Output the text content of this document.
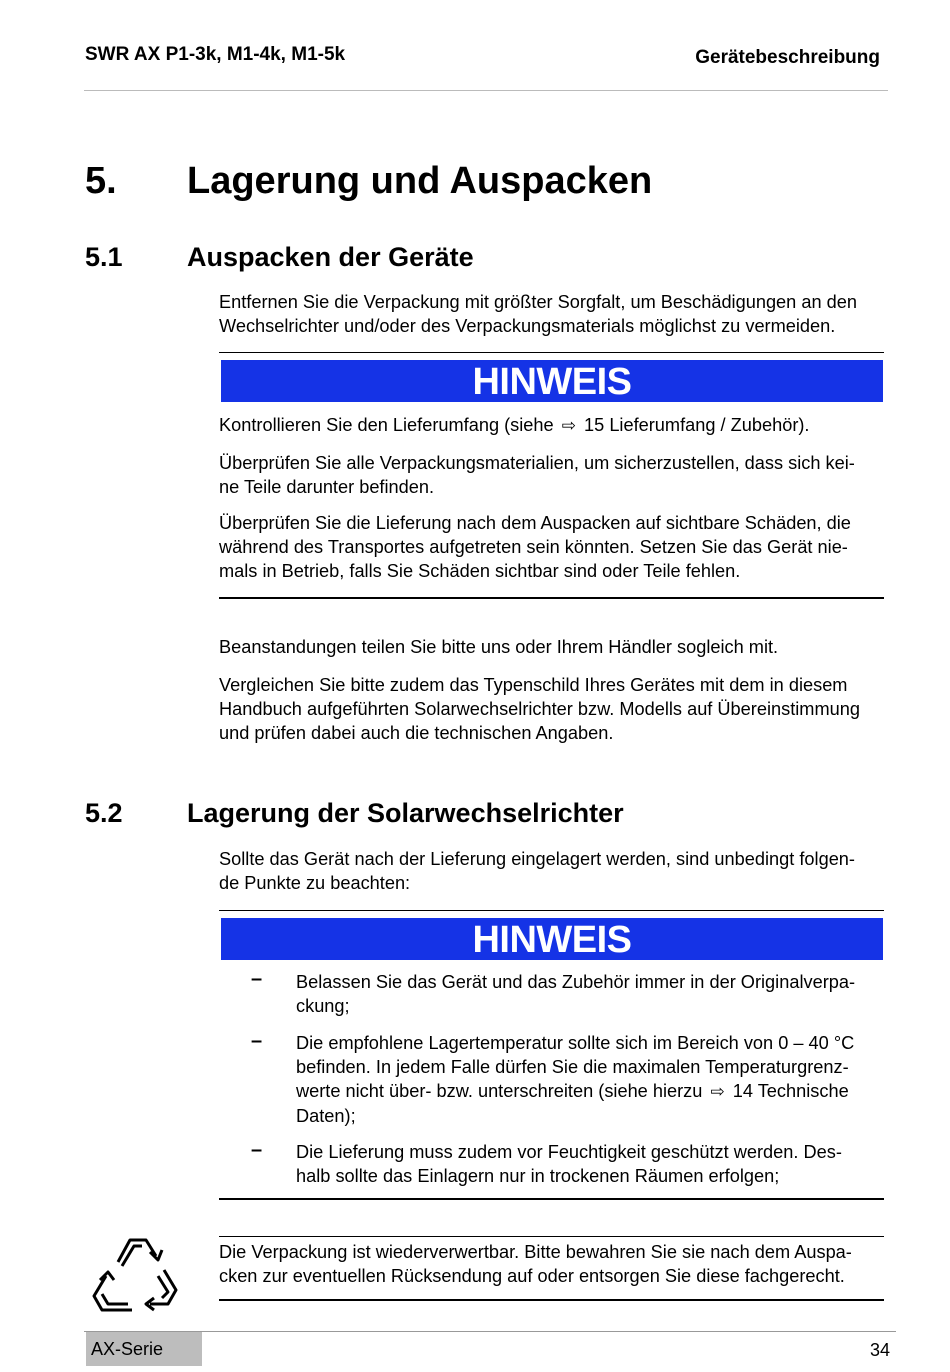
SWR AX P1-3k, M1-4k, M1-5k	Gerätebeschreibung
5. Lagerung und Auspacken
5.1 Auspacken der Geräte
Entfernen Sie die Verpackung mit größter Sorgfalt, um Beschädigungen an den
Wechselrichter und/oder des Verpackungsmaterials möglichst zu vermeiden.
HINWEIS
Kontrollieren Sie den Lieferumfang (siehe ⇨ 15 Lieferumfang / Zubehör).
Überprüfen Sie alle Verpackungsmaterialien, um sicherzustellen, dass sich kei-
ne Teile darunter befinden.
Überprüfen Sie die Lieferung nach dem Auspacken auf sichtbare Schäden, die
während des Transportes aufgetreten sein könnten. Setzen Sie das Gerät nie-
mals in Betrieb, falls Sie Schäden sichtbar sind oder Teile fehlen.
Beanstandungen teilen Sie bitte uns oder Ihrem Händler sogleich mit.
Vergleichen Sie bitte zudem das Typenschild Ihres Gerätes mit dem in diesem
Handbuch aufgeführten Solarwechselrichter bzw. Modells auf Übereinstimmung
und prüfen dabei auch die technischen Angaben.
5.2 Lagerung der Solarwechselrichter
Sollte das Gerät nach der Lieferung eingelagert werden, sind unbedingt folgen-
de Punkte zu beachten:
HINWEIS
– Belassen Sie das Gerät und das Zubehör immer in der Originalverpa-
ckung;
– Die empfohlene Lagertemperatur sollte sich im Bereich von 0 – 40 °C
befinden. In jedem Falle dürfen Sie die maximalen Temperaturgrenz-
werte nicht über- bzw. unterschreiten (siehe hierzu ⇨ 14 Technische
Daten);
– Die Lieferung muss zudem vor Feuchtigkeit geschützt werden. Des-
halb sollte das Einlagern nur in trockenen Räumen erfolgen;
Die Verpackung ist wiederverwertbar. Bitte bewahren Sie sie nach dem Auspa-
cken zur eventuellen Rücksendung auf oder entsorgen Sie diese fachgerecht.
AX-Serie	34
